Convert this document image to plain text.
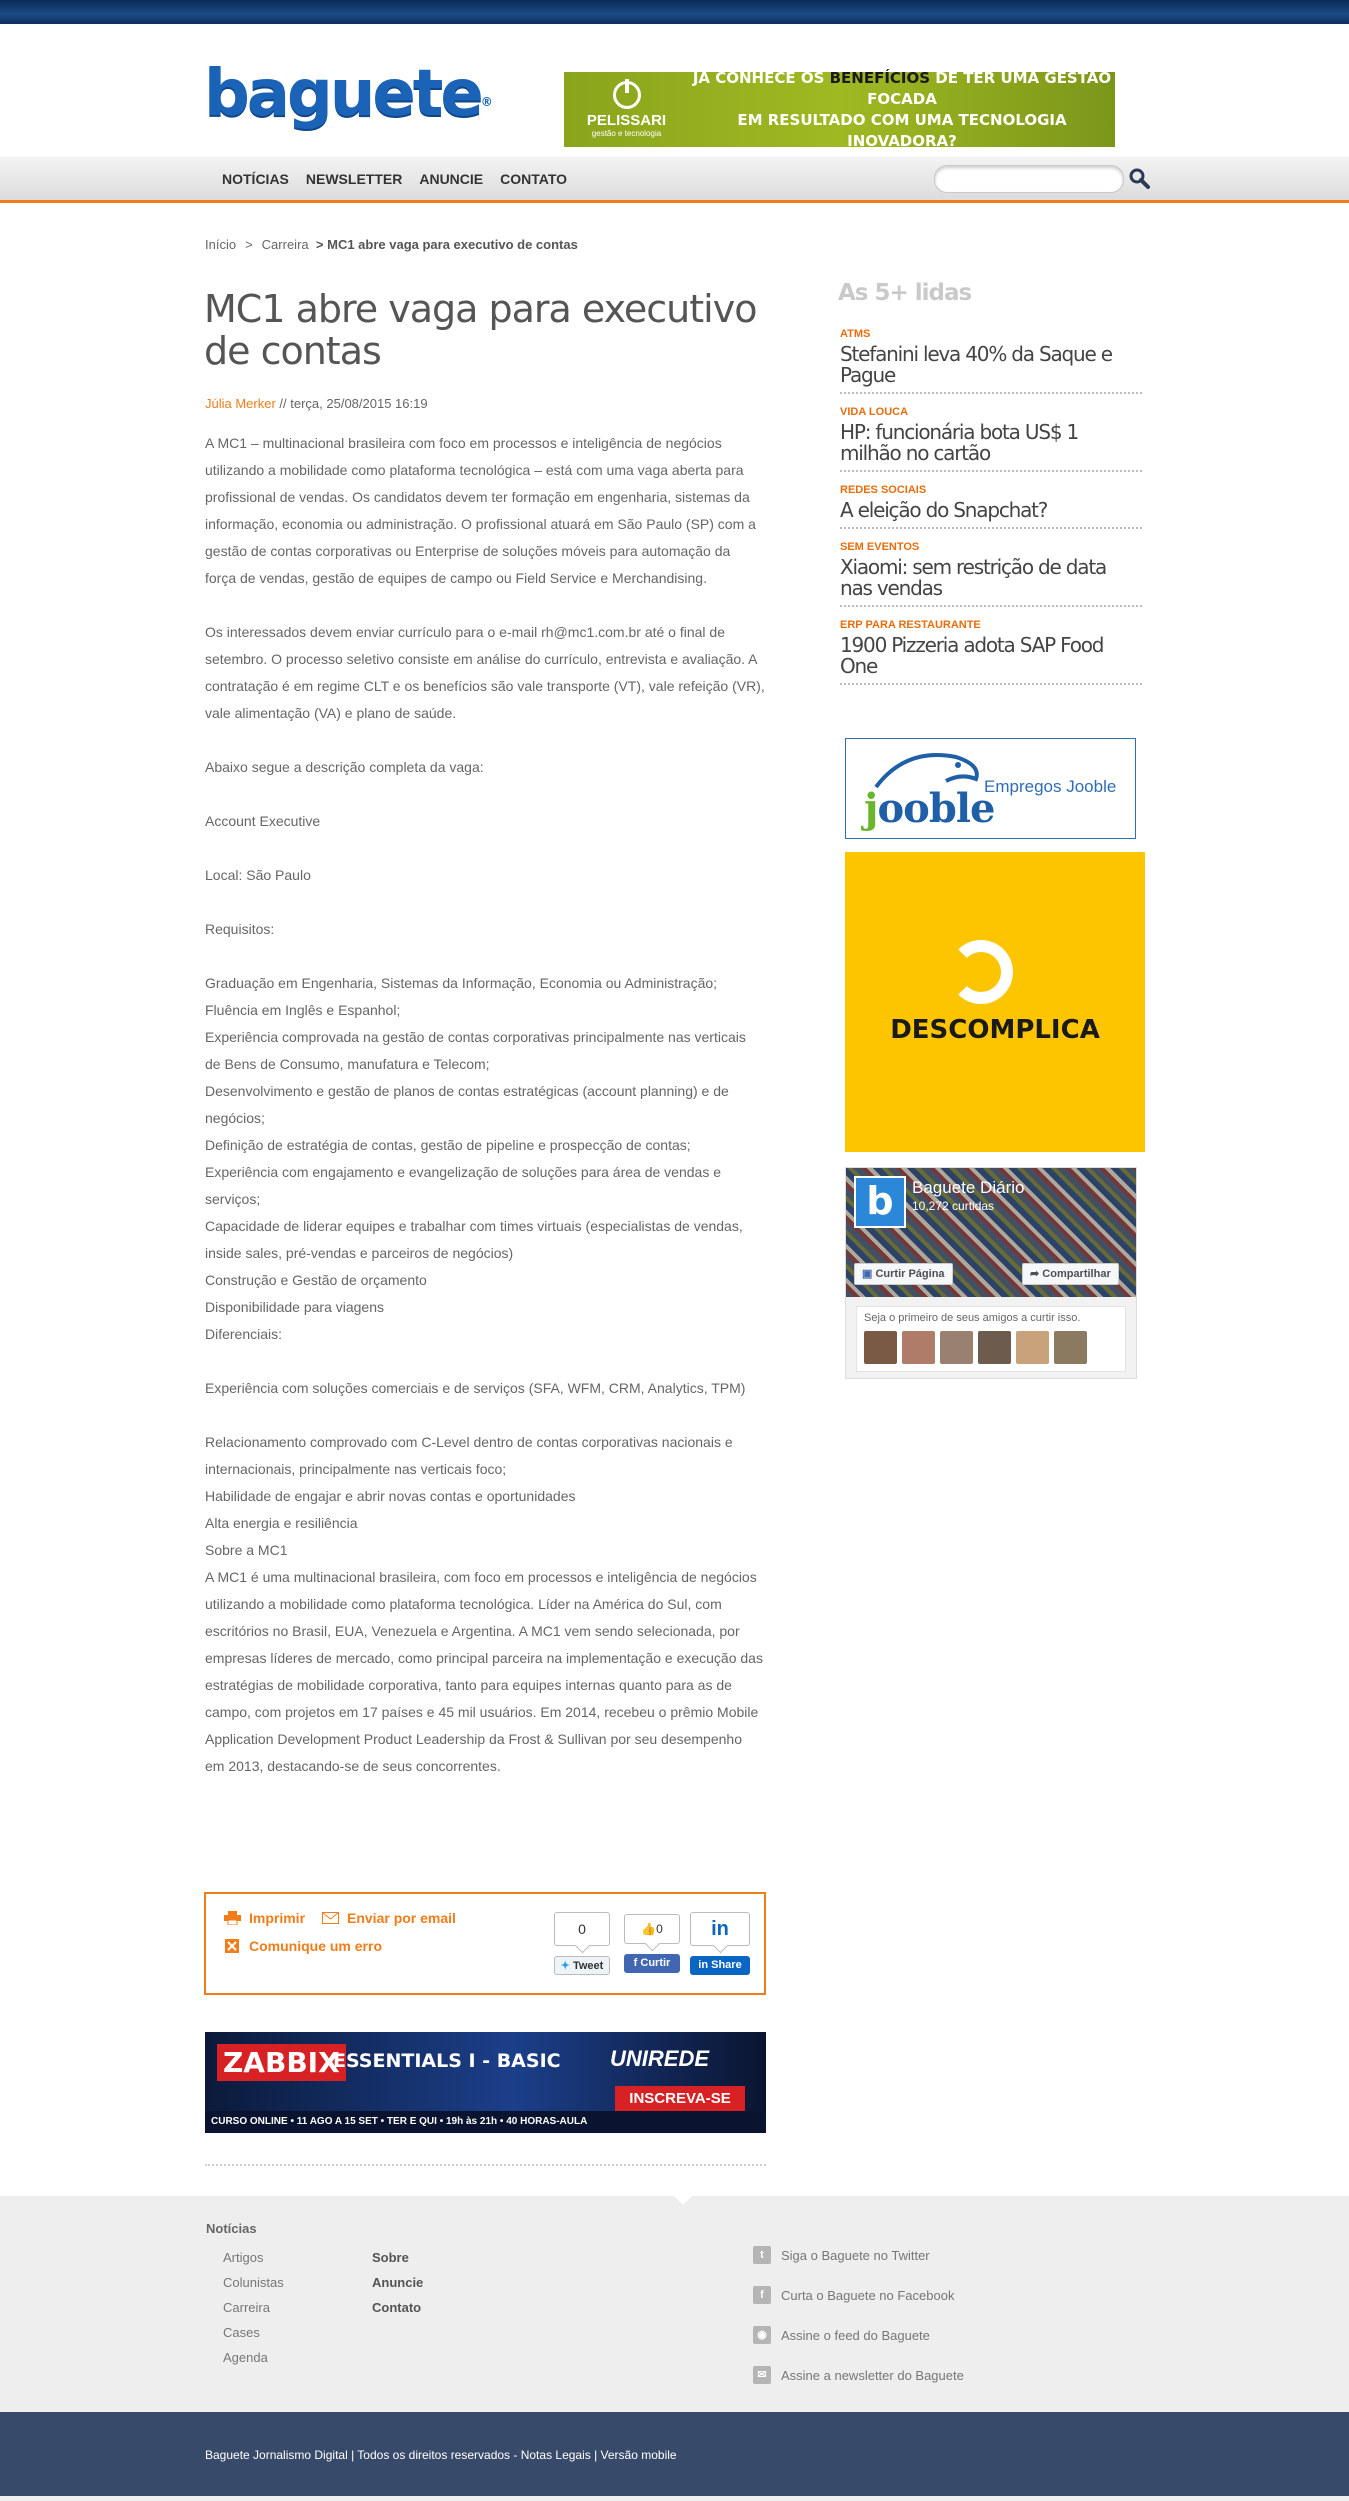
baguete®
PELISSARI
gestão e tecnologia
JÁ CONHECE OS BENEFÍCIOS DE TER UMA GESTÃO FOCADA
EM RESULTADO COM UMA TECNOLOGIA INOVADORA?
NOTÍCIAS NEWSLETTER ANUNCIE CONTATO
Início > Carreira > MC1 abre vaga para executivo de contas
MC1 abre vaga para executivo de contas
Júlia Merker // terça, 25/08/2015 16:19

A MC1 – multinacional brasileira com foco em processos e inteligência de negócios utilizando a mobilidade como plataforma tecnológica – está com uma vaga aberta para profissional de vendas. Os candidatos devem ter formação em engenharia, sistemas da informação, economia ou administração. O profissional atuará em São Paulo (SP) com a gestão de contas corporativas ou Enterprise de soluções móveis para automação da força de vendas, gestão de equipes de campo ou Field Service e Merchandising.

Os interessados devem enviar currículo para o e-mail rh@mc1.com.br até o final de setembro. O processo seletivo consiste em análise do currículo, entrevista e avaliação. A contratação é em regime CLT e os benefícios são vale transporte (VT), vale refeição (VR), vale alimentação (VA) e plano de saúde.

Abaixo segue a descrição completa da vaga:

Account Executive

Local: São Paulo

Requisitos:

Graduação em Engenharia, Sistemas da Informação, Economia ou Administração;

Fluência em Inglês e Espanhol;

Experiência comprovada na gestão de contas corporativas principalmente nas verticais de Bens de Consumo, manufatura e Telecom;

Desenvolvimento e gestão de planos de contas estratégicas (account planning) e de negócios;

Definição de estratégia de contas, gestão de pipeline e prospecção de contas;

Experiência com engajamento e evangelização de soluções para área de vendas e serviços;

Capacidade de liderar equipes e trabalhar com times virtuais (especialistas de vendas, inside sales, pré-vendas e parceiros de negócios)

Construção e Gestão de orçamento

Disponibilidade para viagens

Diferenciais:

Experiência com soluções comerciais e de serviços (SFA, WFM, CRM, Analytics, TPM)

Relacionamento comprovado com C-Level dentro de contas corporativas nacionais e internacionais, principalmente nas verticais foco;

Habilidade de engajar e abrir novas contas e oportunidades

Alta energia e resiliência

Sobre a MC1

A MC1 é uma multinacional brasileira, com foco em processos e inteligência de negócios utilizando a mobilidade como plataforma tecnológica. Líder na América do Sul, com escritórios no Brasil, EUA, Venezuela e Argentina. A MC1 vem sendo selecionada, por empresas líderes de mercado, como principal parceira na implementação e execução das estratégias de mobilidade corporativa, tanto para equipes internas quanto para as de campo, com projetos em 17 países e 45 mil usuários. Em 2014, recebeu o prêmio Mobile Application Development Product Leadership da Frost & Sullivan por seu desempenho em 2013, destacando-se de seus concorrentes.

Imprimir	Enviar por email
Comunique um erro
0
✦ Tweet
👍0
f Curtir
in
in Share
ZABBIX
ESSENTIALS I - BASIC UNIREDE
INSCREVA-SE
CURSO ONLINE • 11 AGO A 15 SET • TER E QUI • 19h às 21h • 40 HORAS-AULA
As 5+ lidas
ATMS
Stefanini leva 40% da Saque e Pague
VIDA LOUCA
HP: funcionária bota US$ 1 milhão no cartão
REDES SOCIAIS
A eleição do Snapchat?
SEM EVENTOS
Xiaomi: sem restrição de data nas vendas
ERP PARA RESTAURANTE
1900 Pizzeria adota SAP Food One
jooble
Empregos Jooble
DESCOMPLICA
b	Baguete Diário
10,272 curtidas
▣ Curtir Página	➦ Compartilhar
Seja o primeiro de seus amigos a curtir isso.
Notícias
Artigos
Colunistas
Carreira
Cases
Agenda
Sobre
Anuncie
Contato
t	Siga o Baguete no Twitter
f	Curta o Baguete no Facebook
◉	Assine o feed do Baguete
✉	Assine a newsletter do Baguete
Baguete Jornalismo Digital | Todos os direitos reservados - Notas Legais | Versão mobile
